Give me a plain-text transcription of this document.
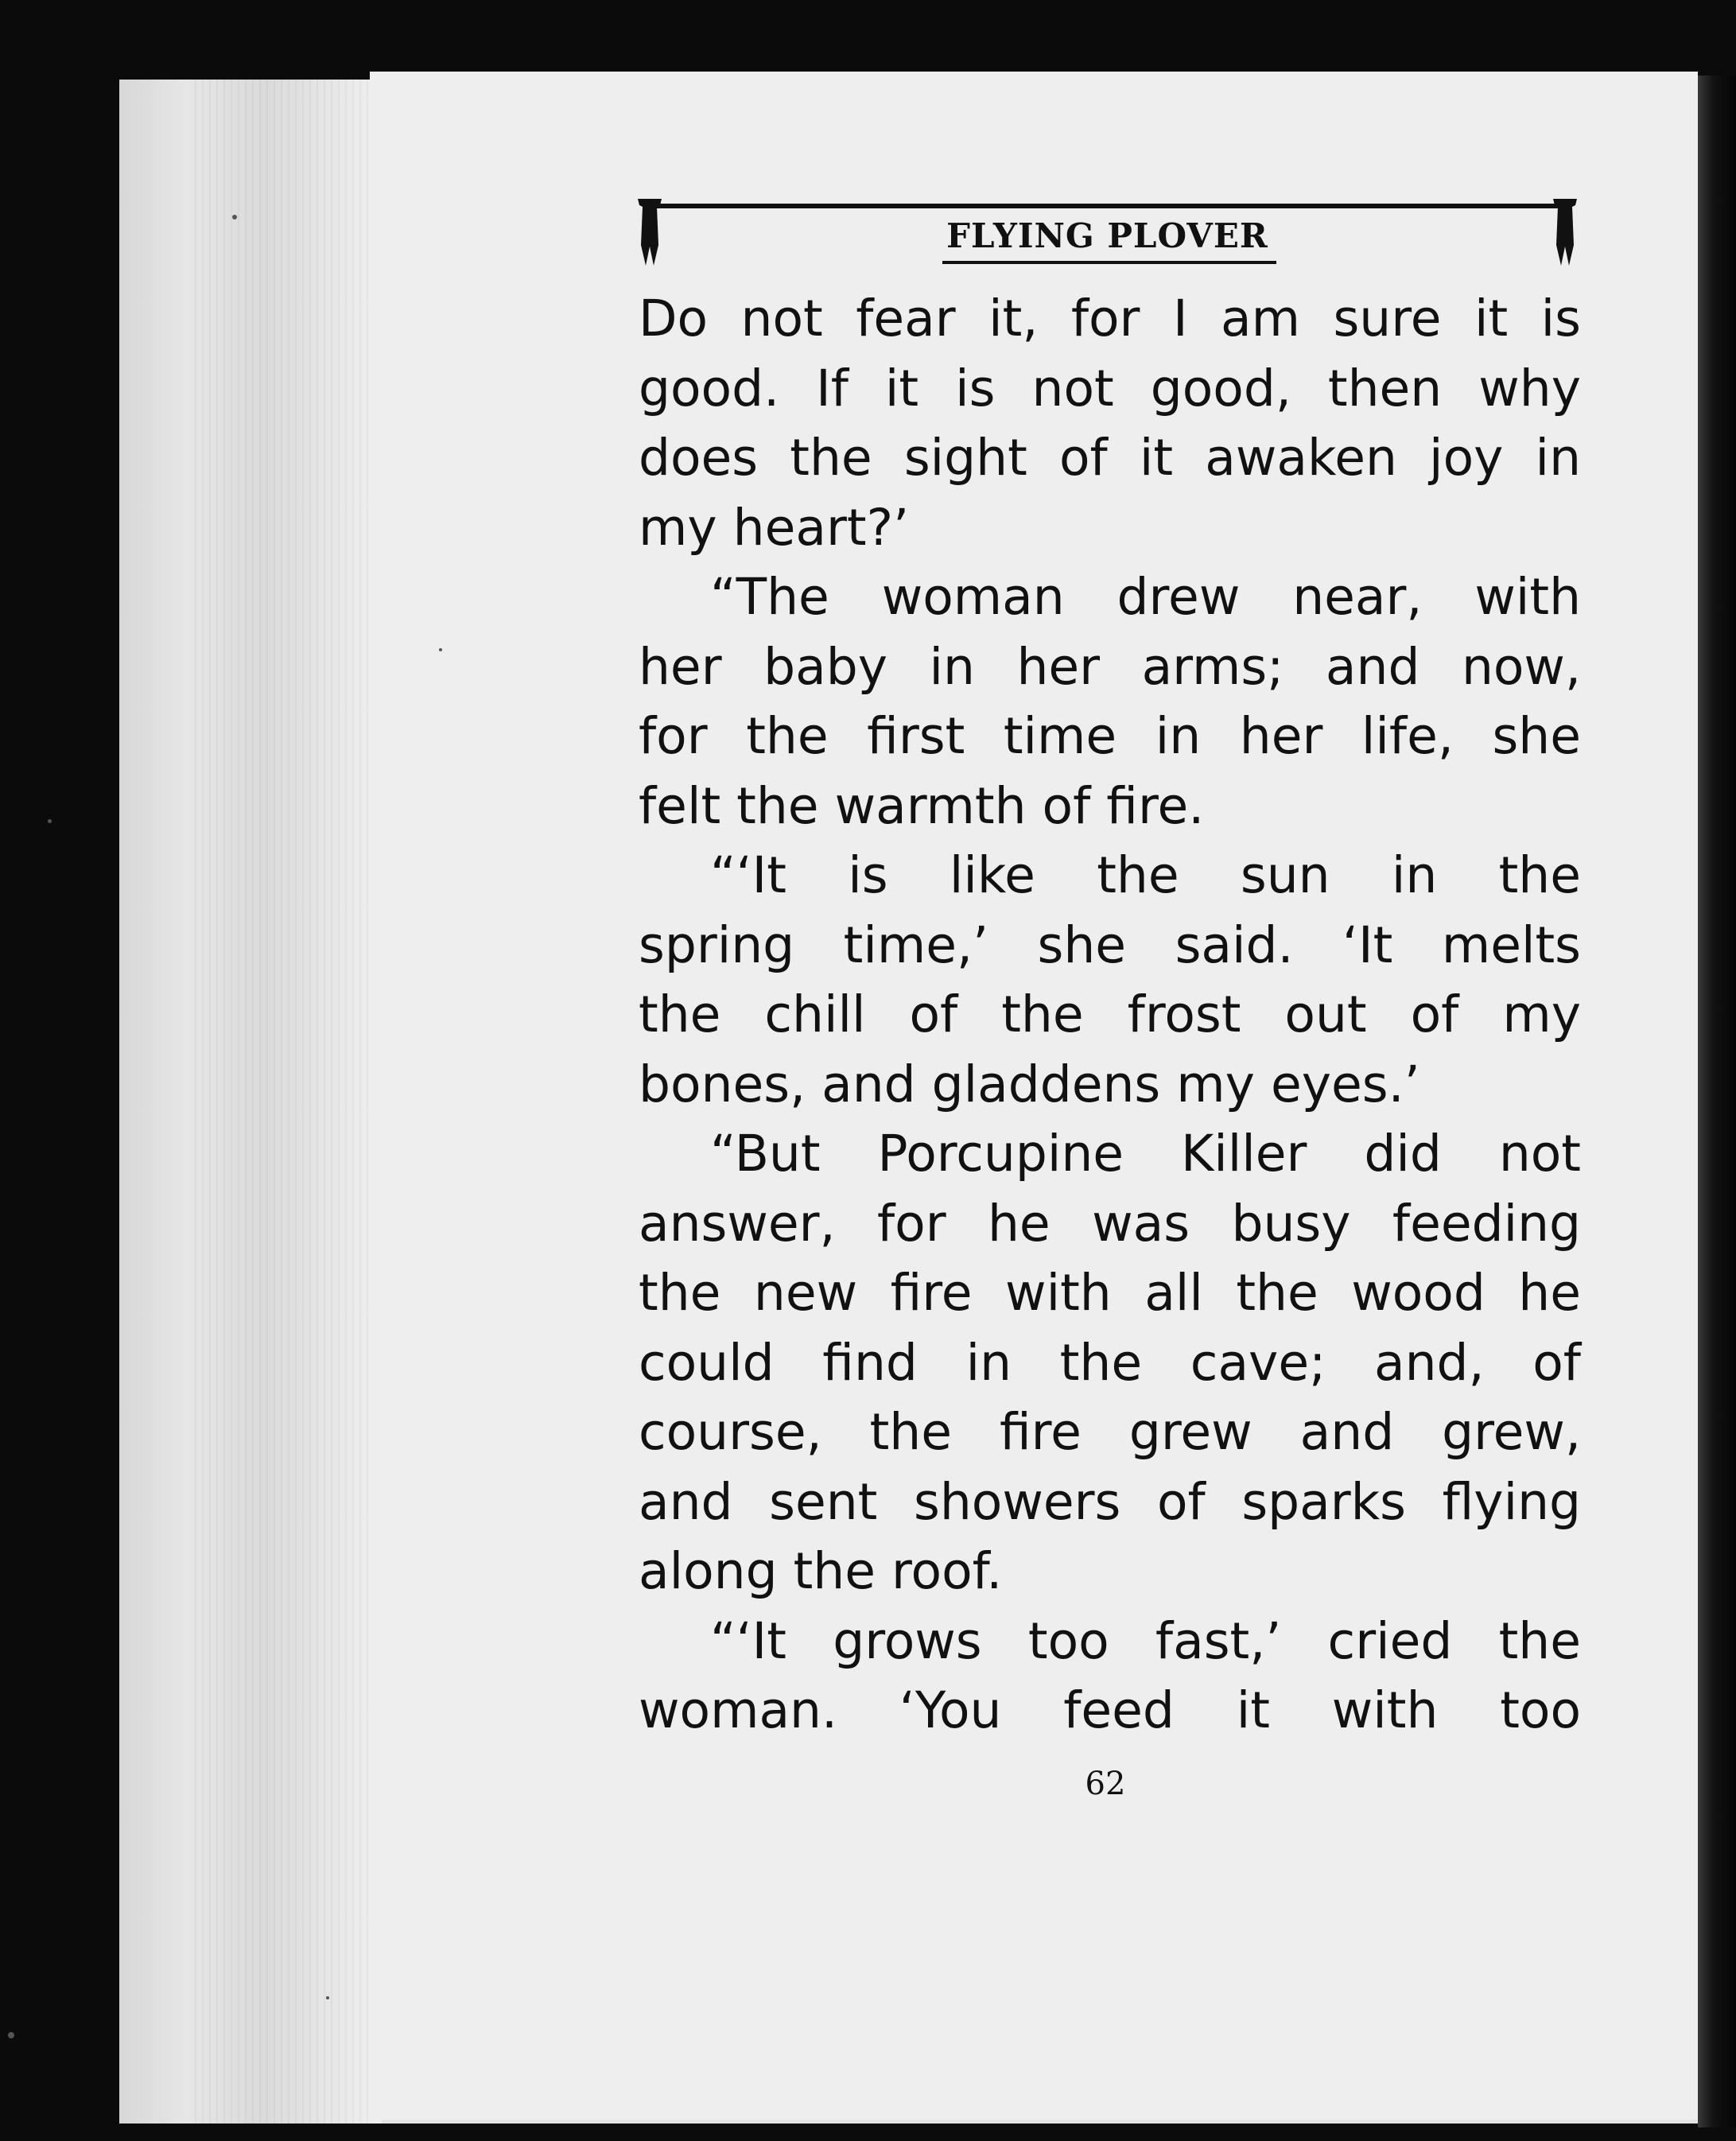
FLYING PLOVER
Do not fear it, for I am sure it is
good. If it is not good, then why
does the sight of it awaken joy in
my heart?’
“The woman drew near, with
her baby in her arms; and now,
for the first time in her life, she
felt the warmth of fire.
“‘It is like the sun in the
spring time,’ she said. ‘It melts
the chill of the frost out of my
bones, and gladdens my eyes.’
“But Porcupine Killer did not
answer, for he was busy feeding
the new fire with all the wood he
could find in the cave; and, of
course, the fire grew and grew,
and sent showers of sparks flying
along the roof.
“‘It grows too fast,’ cried the
woman. ‘You feed it with too
62
